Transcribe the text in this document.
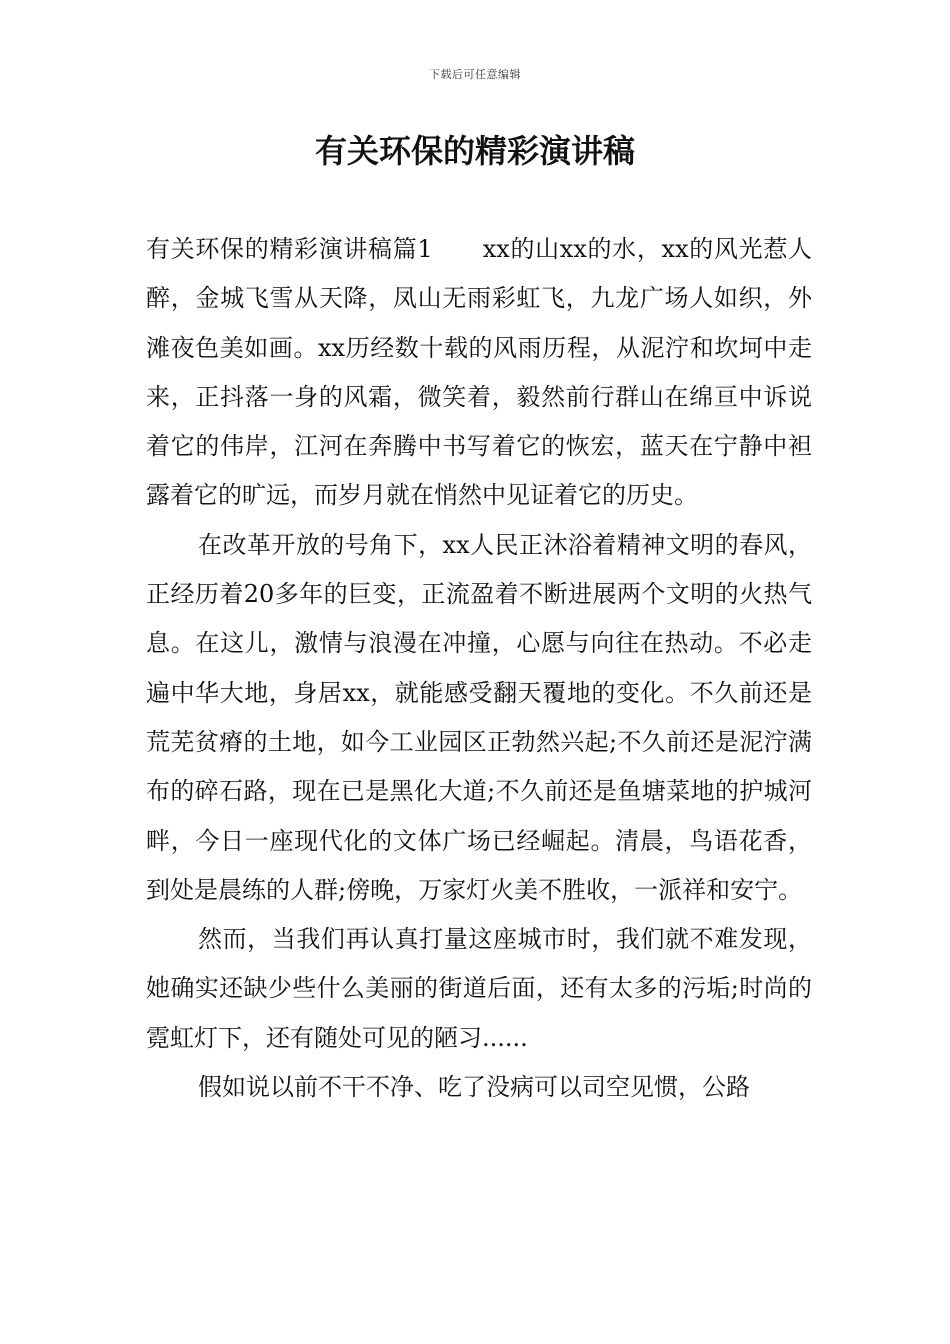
下载后可任意编辑
有关环保的精彩演讲稿

有关环保的精彩演讲稿篇1　　xx的山xx的水，xx的风光惹人醉，金城飞雪从天降，凤山无雨彩虹飞，九龙广场人如织，外滩夜色美如画。xx历经数十载的风雨历程，从泥泞和坎坷中走来，正抖落一身的风霜，微笑着，毅然前行群山在绵亘中诉说着它的伟岸，江河在奔腾中书写着它的恢宏，蓝天在宁静中袒露着它的旷远，而岁月就在悄然中见证着它的历史。

在改革开放的号角下，xx人民正沐浴着精神文明的春风，正经历着20多年的巨变，正流盈着不断进展两个文明的火热气息。在这儿，激情与浪漫在冲撞，心愿与向往在热动。不必走遍中华大地，身居xx，就能感受翻天覆地的变化。不久前还是荒芜贫瘠的土地，如今工业园区正勃然兴起;不久前还是泥泞满布的碎石路，现在已是黑化大道;不久前还是鱼塘菜地的护城河畔，今日一座现代化的文体广场已经崛起。清晨，鸟语花香，到处是晨练的人群;傍晚，万家灯火美不胜收，一派祥和安宁。

然而，当我们再认真打量这座城市时，我们就不难发现，她确实还缺少些什么美丽的街道后面，还有太多的污垢;时尚的霓虹灯下，还有随处可见的陋习......

假如说以前不干不净、吃了没病可以司空见惯，公路
